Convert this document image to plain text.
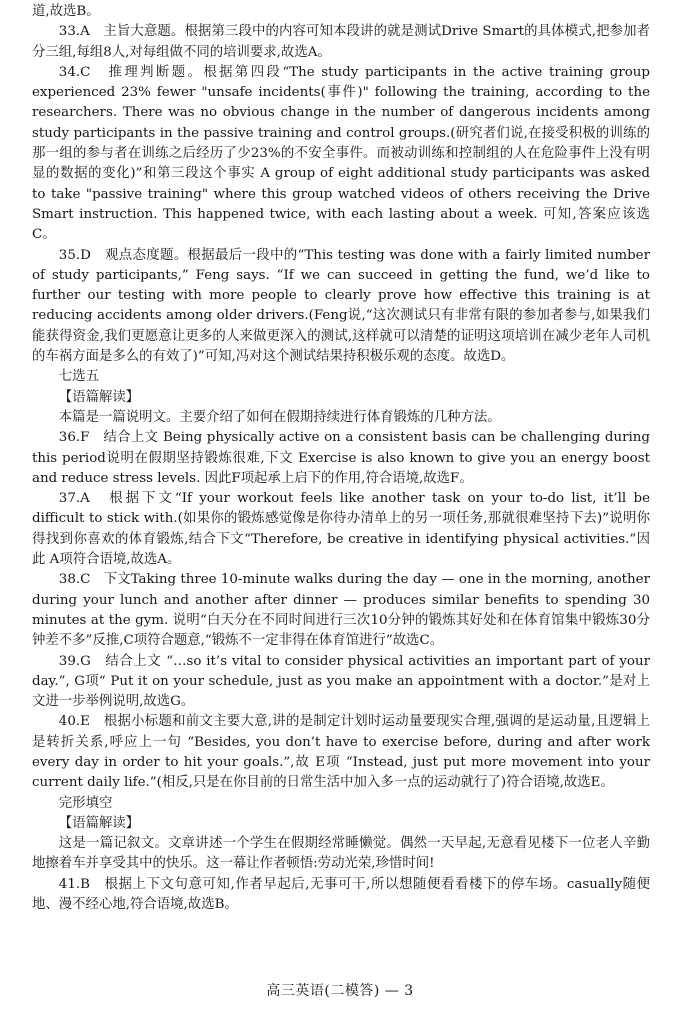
道,故选B。

33.A　主旨大意题。根据第三段中的内容可知本段讲的就是测试Drive Smart的具体模式,把参加者分三组,每组8人,对每组做不同的培训要求,故选A。

34.C　推理判断题。根据第四段“The study participants in the active training group experienced 23% fewer "unsafe incidents(事件)" following the training, according to the researchers. There was no obvious change in the number of dangerous incidents among study participants in the passive training and control groups.(研究者们说,在接受积极的训练的那一组的参与者在训练之后经历了少23%的不安全事件。而被动训练和控制组的人在危险事件上没有明显的数据的变化)”和第三段这个事实 A group of eight additional study participants was asked to take "passive training" where this group watched videos of others receiving the Drive Smart instruction. This happened twice, with each lasting about a week. 可知,答案应该选C。

35.D　观点态度题。根据最后一段中的“This testing was done with a fairly limited number of study participants,” Feng says. “If we can succeed in getting the fund, we’d like to further our testing with more people to clearly prove how effective this training is at reducing accidents among older drivers.(Feng说,“这次测试只有非常有限的参加者参与,如果我们能获得资金,我们更愿意让更多的人来做更深入的测试,这样就可以清楚的证明这项培训在减少老年人司机的车祸方面是多么的有效了)”可知,冯对这个测试结果持积极乐观的态度。故选D。

七选五

【语篇解读】

本篇是一篇说明文。主要介绍了如何在假期持续进行体育锻炼的几种方法。

36.F　结合上文 Being physically active on a consistent basis can be challenging during this period说明在假期坚持锻炼很难,下文 Exercise is also known to give you an energy boost and reduce stress levels. 因此F项起承上启下的作用,符合语境,故选F。

37.A　根据下文“If your workout feels like another task on your to-do list, it’ll be difficult to stick with.(如果你的锻炼感觉像是你待办清单上的另一项任务,那就很难坚持下去)”说明你得找到你喜欢的体育锻炼,结合下文“Therefore, be creative in identifying physical activities.”因此 A项符合语境,故选A。

38.C　下文Taking three 10-minute walks during the day — one in the morning, another during your lunch and another after dinner — produces similar benefits to spending 30 minutes at the gym. 说明“白天分在不同时间进行三次10分钟的锻炼其好处和在体育馆集中锻炼30分钟差不多”反推,C项符合题意,“锻炼不一定非得在体育馆进行”故选C。

39.G　结合上文 “…so it’s vital to consider physical activities an important part of your day.”, G项“ Put it on your schedule, just as you make an appointment with a doctor.”是对上文进一步举例说明,故选G。

40.E　根据小标题和前文主要大意,讲的是制定计划时运动量要现实合理,强调的是运动量,且逻辑上是转折关系,呼应上一句 “Besides, you don’t have to exercise before, during and after work every day in order to hit your goals.”,故 E项 “Instead, just put more movement into your current daily life.”(相反,只是在你目前的日常生活中加入多一点的运动就行了)符合语境,故选E。

完形填空

【语篇解读】

这是一篇记叙文。文章讲述一个学生在假期经常睡懒觉。偶然一天早起,无意看见楼下一位老人辛勤地擦着车并享受其中的快乐。这一幕让作者顿悟:劳动光荣,珍惜时间!

41.B　根据上下文句意可知,作者早起后,无事可干,所以想随便看看楼下的停车场。casually随便地、漫不经心地,符合语境,故选B。

高三英语(二模答) — 3
